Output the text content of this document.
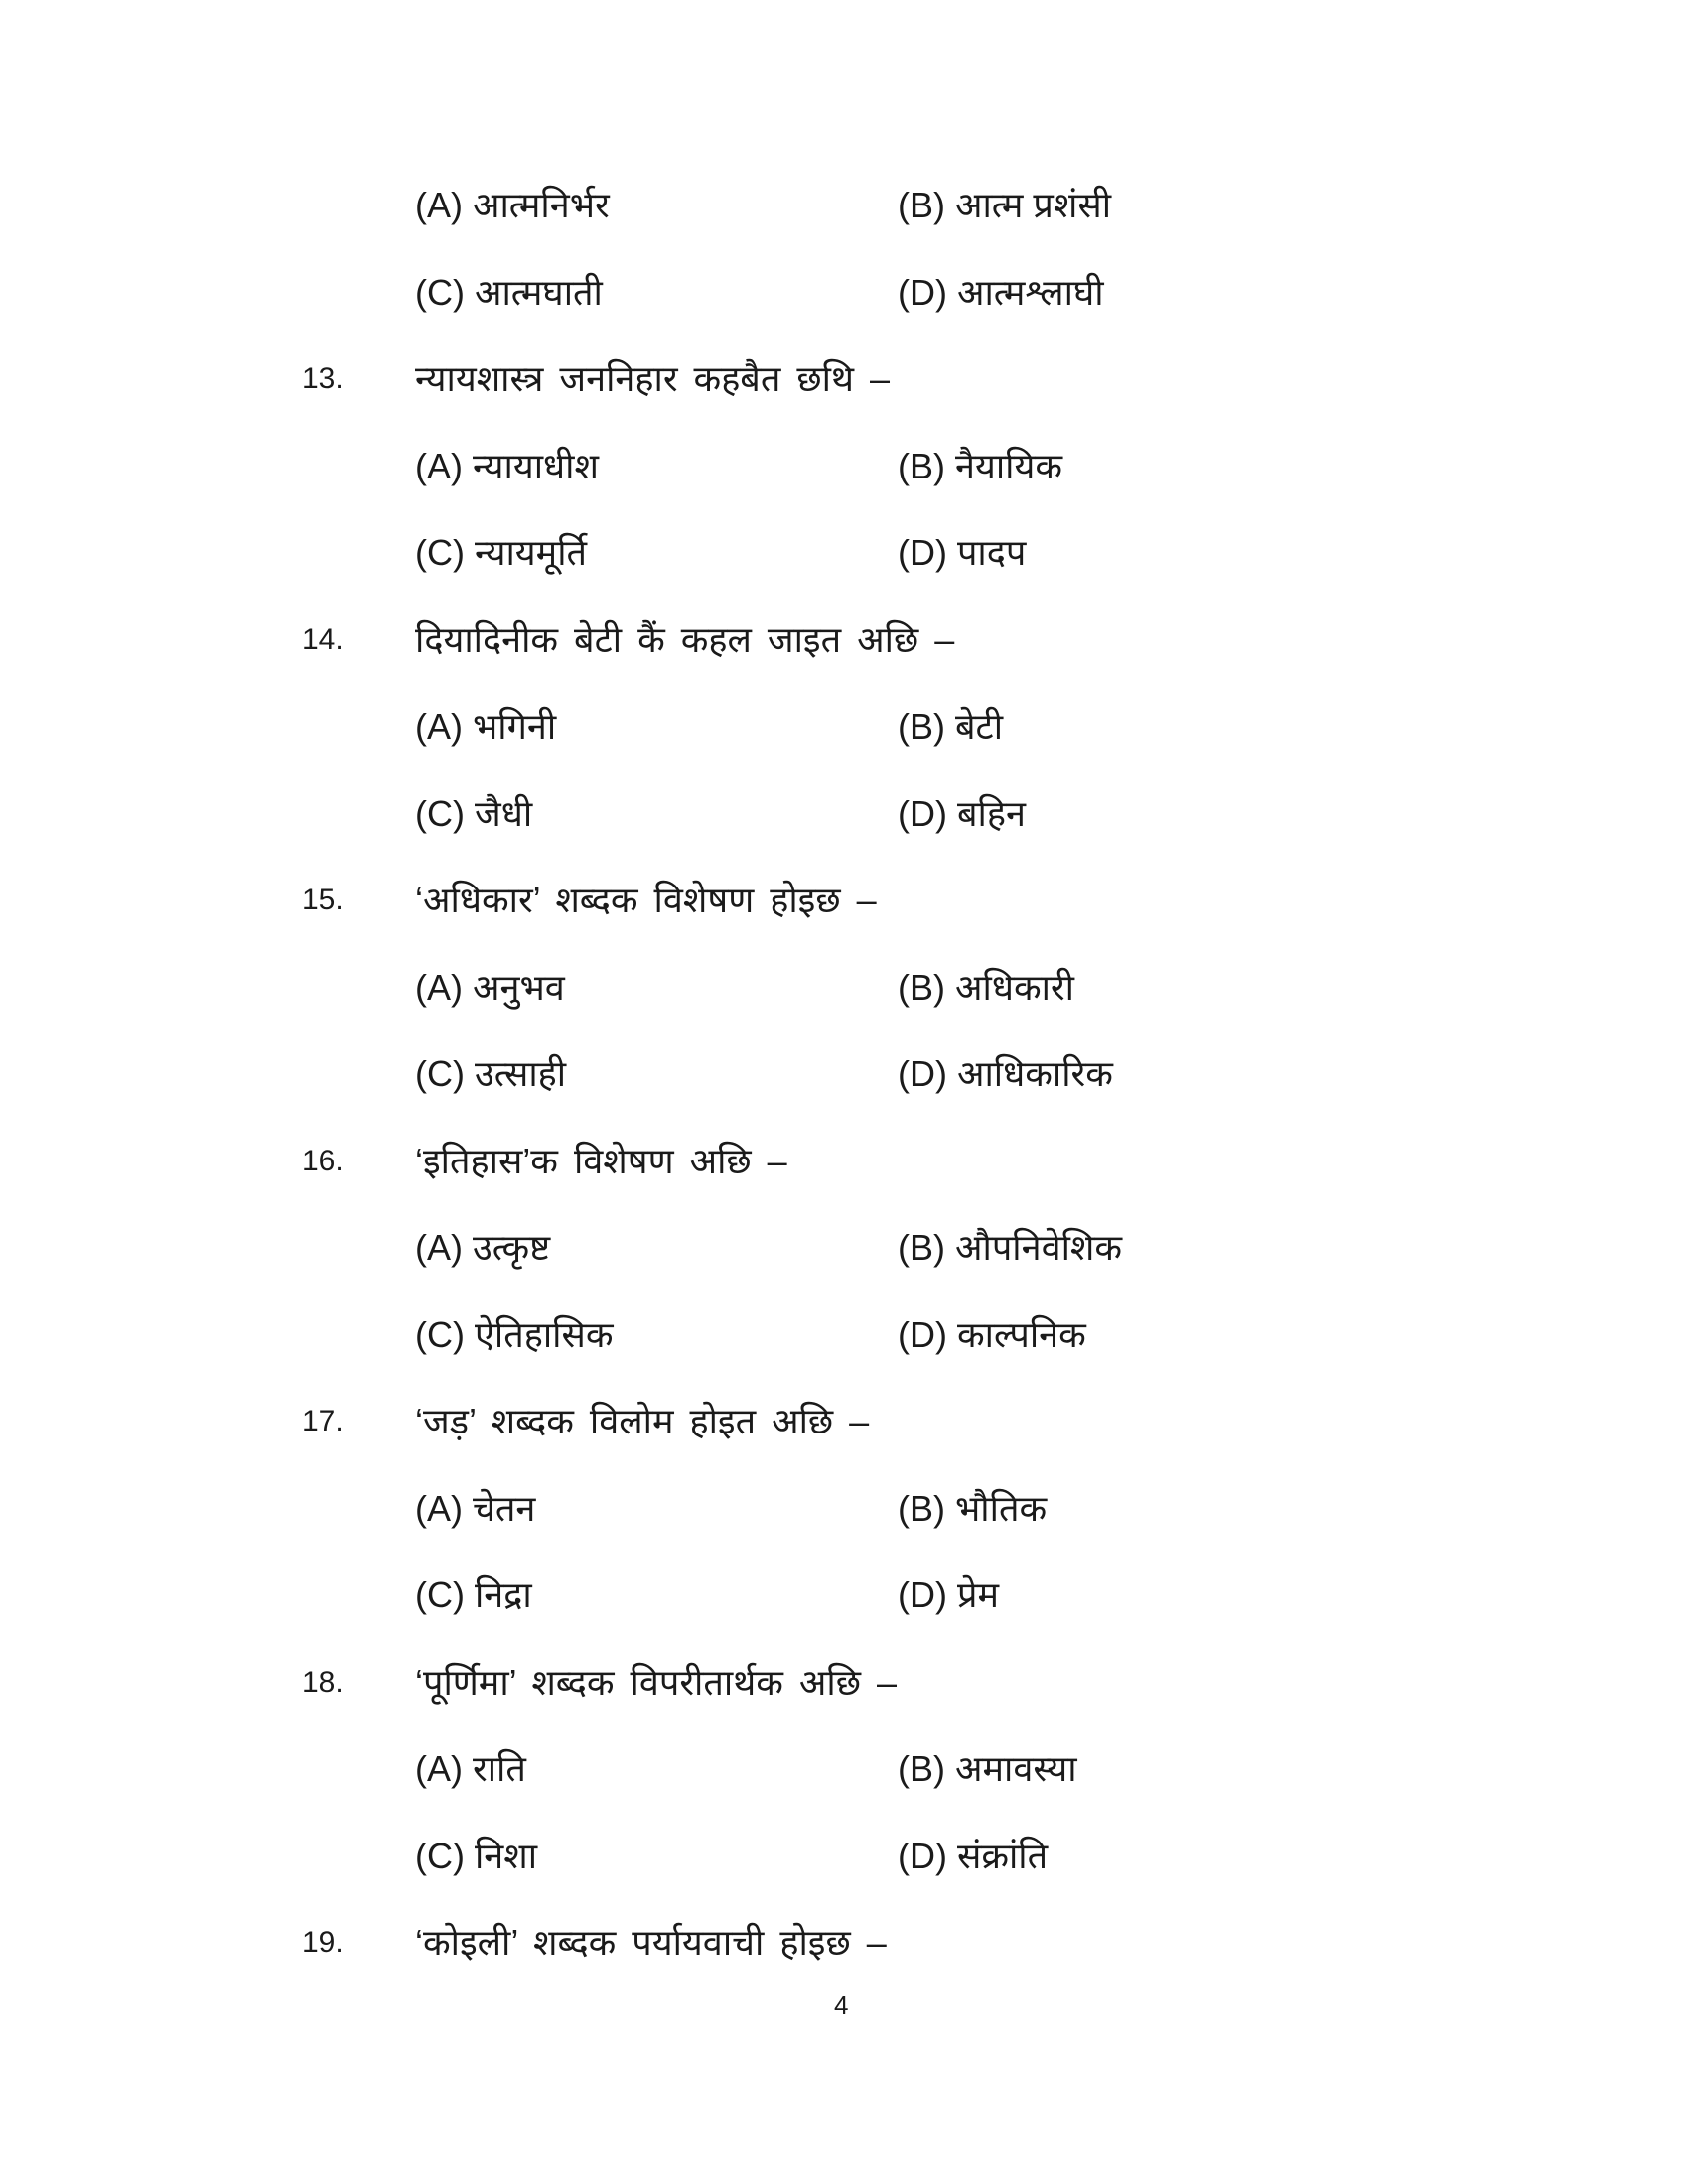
(A) आत्मनिर्भर	(B) आत्म प्रशंसी
(C) आत्मघाती	(D) आत्मश्लाघी
13. न्यायशास्त्र जननिहार कहबैत छथि –
(A) न्यायाधीश	(B) नैयायिक
(C) न्यायमूर्ति	(D) पादप
14. दियादिनीक बेटी कैं कहल जाइत अछि –
(A) भगिनी	(B) बेटी
(C) जैधी	(D) बहिन
15. ‘अधिकार’ शब्दक विशेषण होइछ –
(A) अनुभव	(B) अधिकारी
(C) उत्साही	(D) आधिकारिक
16. ‘इतिहास’क विशेषण अछि –
(A) उत्कृष्ट	(B) औपनिवेशिक
(C) ऐतिहासिक	(D) काल्पनिक
17. ‘जड़’ शब्दक विलोम होइत अछि –
(A) चेतन	(B) भौतिक
(C) निद्रा	(D) प्रेम
18. ‘पूर्णिमा’ शब्दक विपरीतार्थक अछि –
(A) राति	(B) अमावस्या
(C) निशा	(D) संक्रांति
19. ‘कोइली’ शब्दक पर्यायवाची होइछ –
4
